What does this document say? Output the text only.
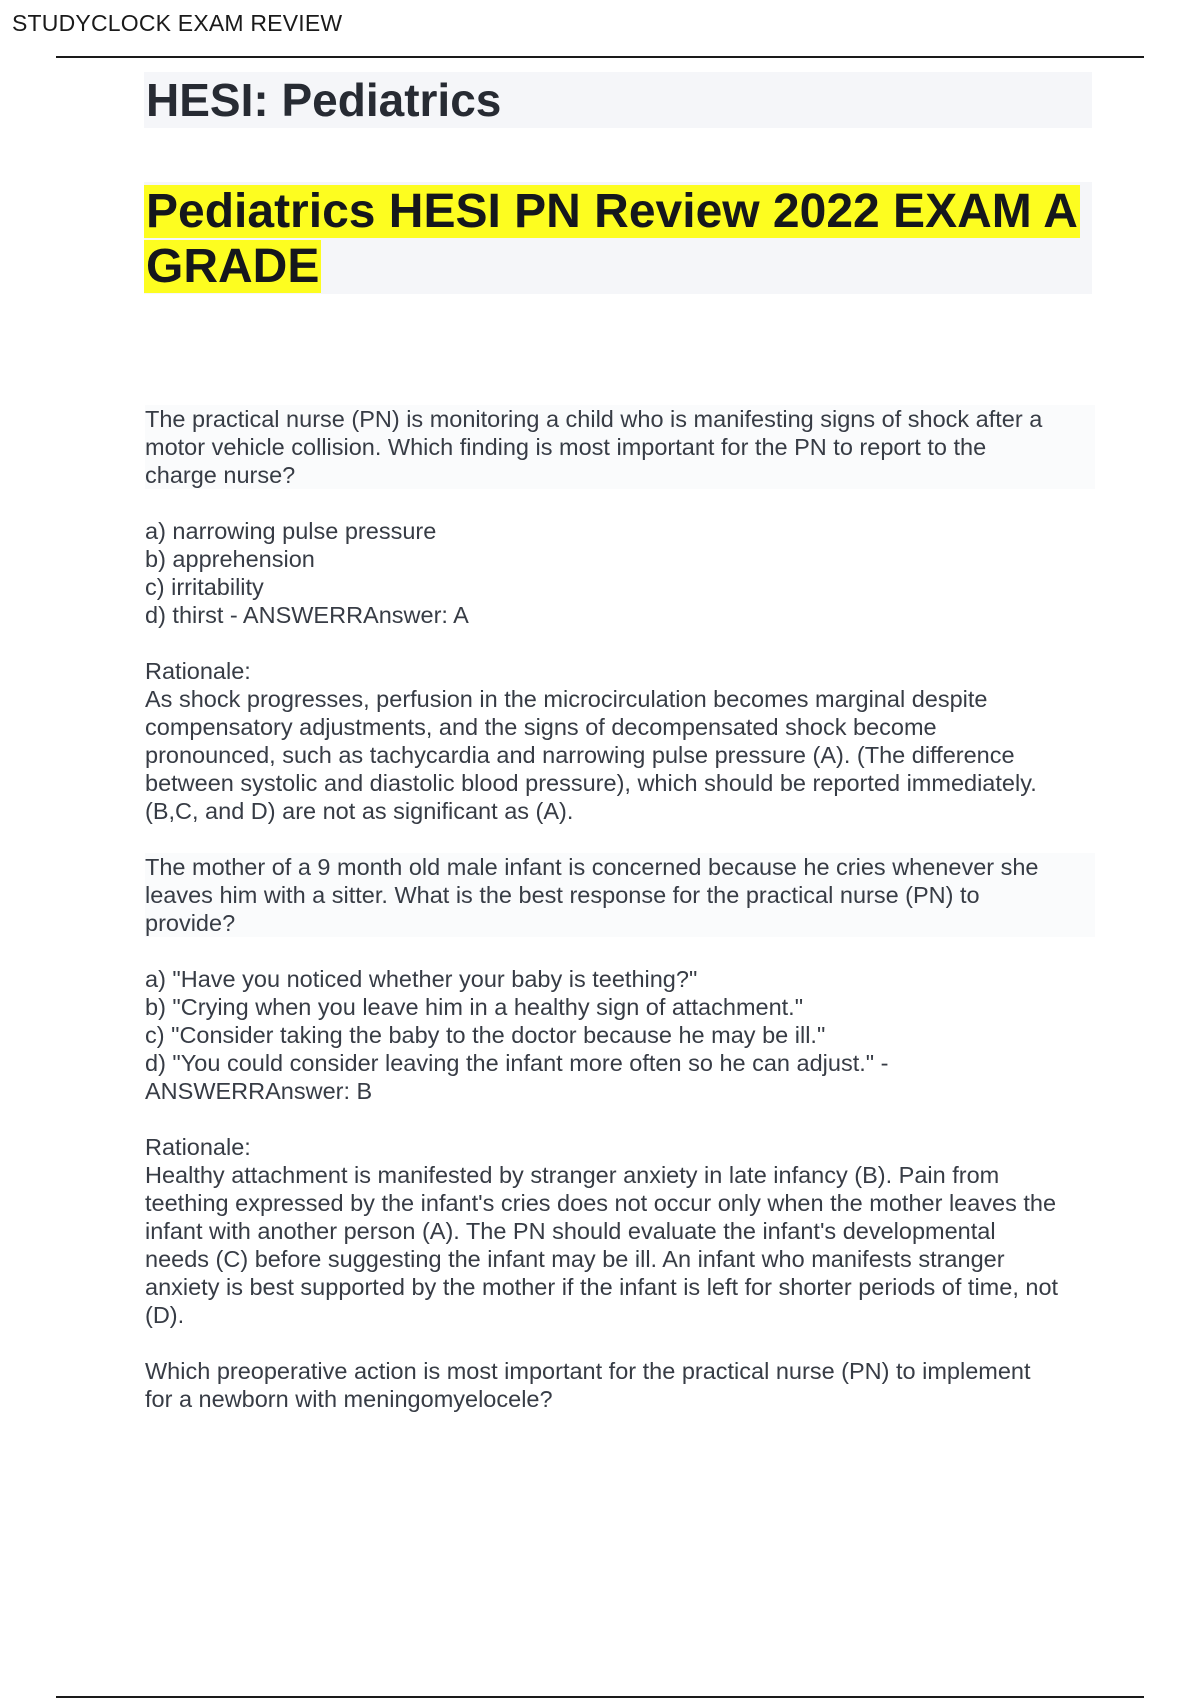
STUDYCLOCK EXAM REVIEW
HESI: Pediatrics

Pediatrics HESI PN Review 2022 EXAM A GRADE

The practical nurse (PN) is monitoring a child who is manifesting signs of shock after a
motor vehicle collision. Which finding is most important for the PN to report to the
charge nurse?

a) narrowing pulse pressure
b) apprehension
c) irritability
d) thirst - ANSWERRAnswer: A

Rationale:
As shock progresses, perfusion in the microcirculation becomes marginal despite
compensatory adjustments, and the signs of decompensated shock become
pronounced, such as tachycardia and narrowing pulse pressure (A). (The difference
between systolic and diastolic blood pressure), which should be reported immediately.
(B,C, and D) are not as significant as (A).

The mother of a 9 month old male infant is concerned because he cries whenever she
leaves him with a sitter. What is the best response for the practical nurse (PN) to
provide?

a) "Have you noticed whether your baby is teething?"
b) "Crying when you leave him in a healthy sign of attachment."
c) "Consider taking the baby to the doctor because he may be ill."
d) "You could consider leaving the infant more often so he can adjust." -
ANSWERRAnswer: B

Rationale:
Healthy attachment is manifested by stranger anxiety in late infancy (B). Pain from
teething expressed by the infant's cries does not occur only when the mother leaves the
infant with another person (A). The PN should evaluate the infant's developmental
needs (C) before suggesting the infant may be ill. An infant who manifests stranger
anxiety is best supported by the mother if the infant is left for shorter periods of time, not
(D).

Which preoperative action is most important for the practical nurse (PN) to implement
for a newborn with meningomyelocele?
